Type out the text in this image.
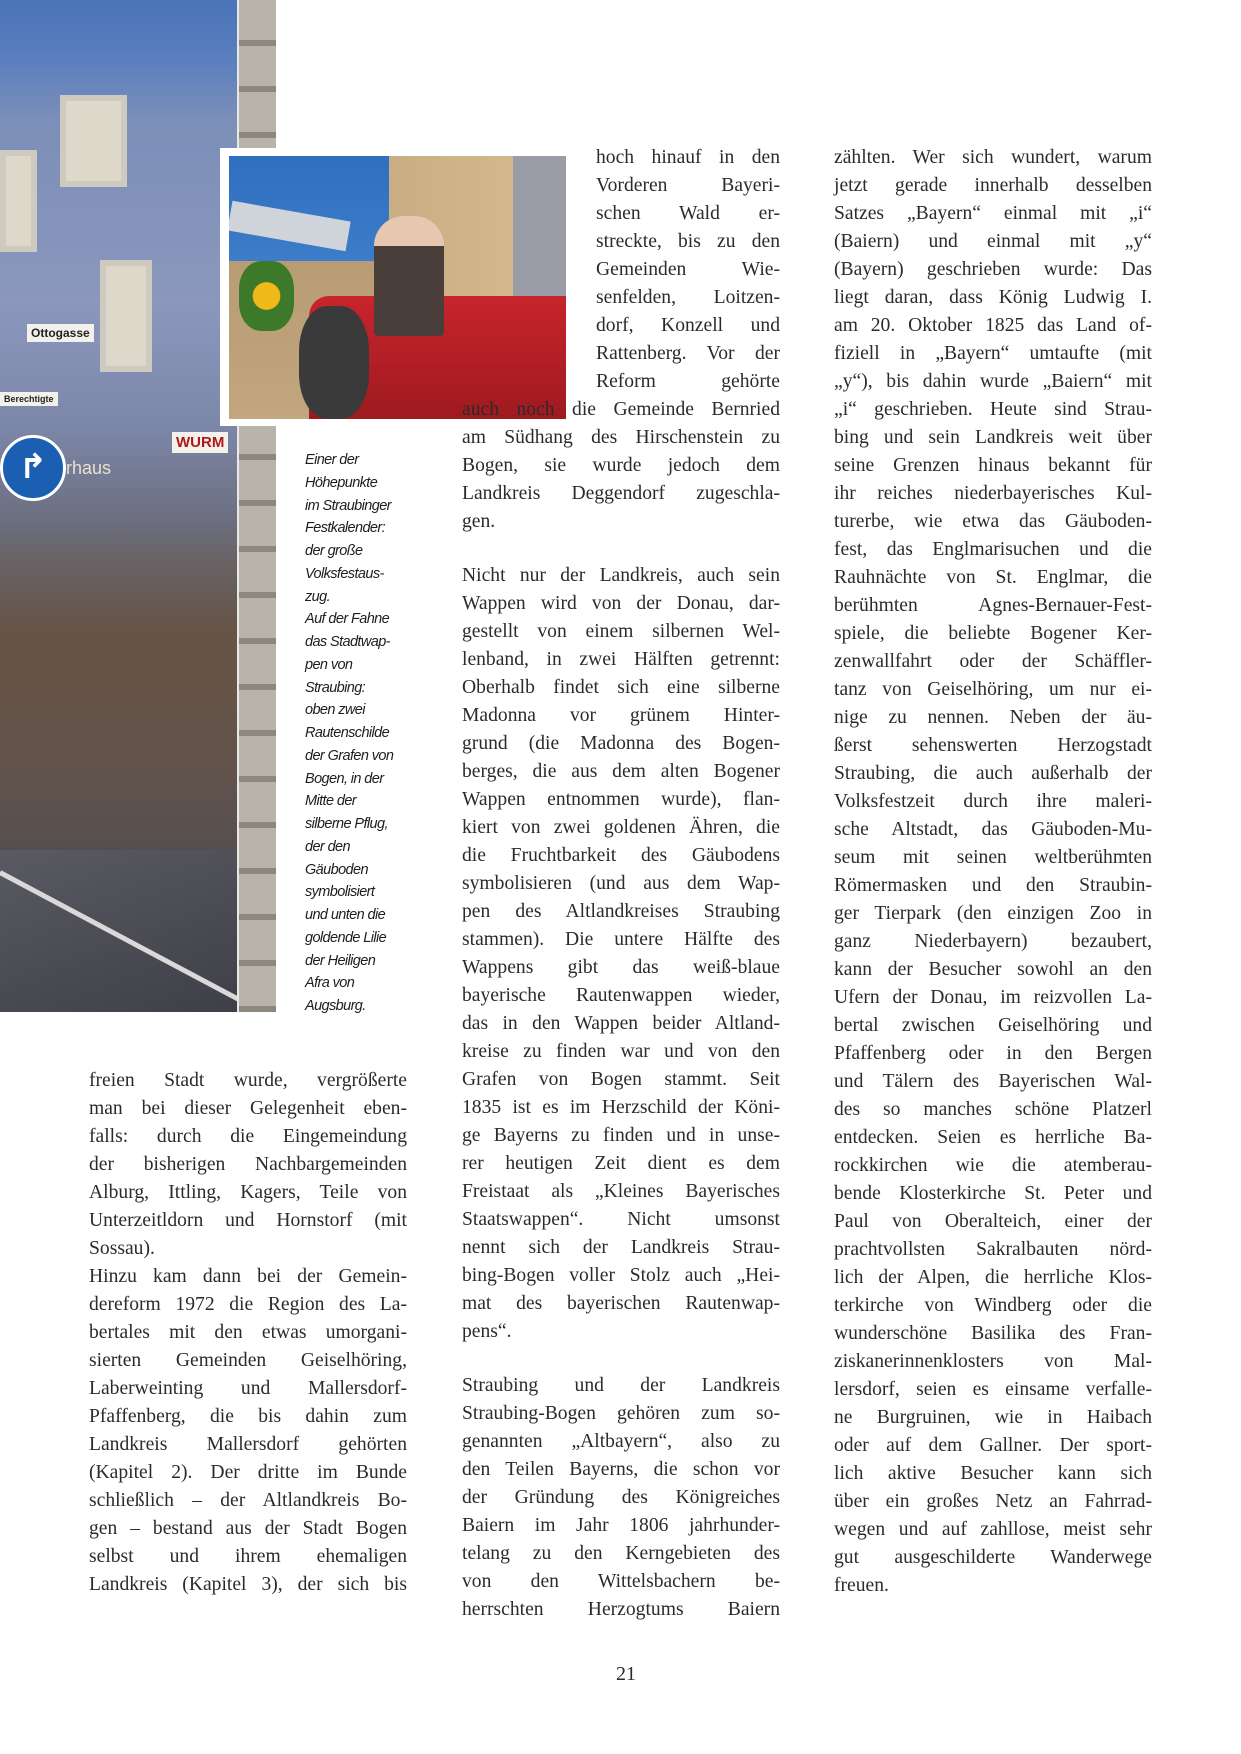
Ottogasse
Berechtigte
rhaus
↱
WURM
Einer der
Höhepunkte
im Straubinger
Festkalender:
der große
Volksfestaus-
zug.
Auf der Fahne
das Stadtwap-
pen von
Straubing:
oben zwei
Rautenschilde
der Grafen von
Bogen, in der
Mitte der
silberne Pflug,
der den
Gäuboden
symbolisiert
und unten die
goldende Lilie
der Heiligen
Afra von
Augsburg.
freien Stadt wurde, vergrößerte
man bei dieser Gelegenheit eben-
falls: durch die Eingemeindung
der bisherigen Nachbargemeinden
Alburg, Ittling, Kagers, Teile von
Unterzeitldorn und Hornstorf (mit
Sossau).
Hinzu kam dann bei der Gemein-
dereform 1972 die Region des La-
bertales mit den etwas umorgani-
sierten Gemeinden Geiselhöring,
Laberweinting und Mallersdorf-
Pfaffenberg, die bis dahin zum
Landkreis Mallersdorf gehörten
(Kapitel 2). Der dritte im Bunde
schließlich – der Altlandkreis Bo-
gen – bestand aus der Stadt Bogen
selbst und ihrem ehemaligen
Landkreis (Kapitel 3), der sich bis
hoch hinauf in den
Vorderen Bayeri-
schen Wald er-
streckte, bis zu den
Gemeinden Wie-
senfelden, Loitzen-
dorf, Konzell und
Rattenberg. Vor der
Reform gehörte
auch noch die Gemeinde Bernried
am Südhang des Hirschenstein zu
Bogen, sie wurde jedoch dem
Landkreis Deggendorf zugeschla-
gen.
Nicht nur der Landkreis, auch sein
Wappen wird von der Donau, dar-
gestellt von einem silbernen Wel-
lenband, in zwei Hälften getrennt:
Oberhalb findet sich eine silberne
Madonna vor grünem Hinter-
grund (die Madonna des Bogen-
berges, die aus dem alten Bogener
Wappen entnommen wurde), flan-
kiert von zwei goldenen Ähren, die
die Fruchtbarkeit des Gäubodens
symbolisieren (und aus dem Wap-
pen des Altlandkreises Straubing
stammen). Die untere Hälfte des
Wappens gibt das weiß-blaue
bayerische Rautenwappen wieder,
das in den Wappen beider Altland-
kreise zu finden war und von den
Grafen von Bogen stammt. Seit
1835 ist es im Herzschild der Köni-
ge Bayerns zu finden und in unse-
rer heutigen Zeit dient es dem
Freistaat als „Kleines Bayerisches
Staatswappen“. Nicht umsonst
nennt sich der Landkreis Strau-
bing-Bogen voller Stolz auch „Hei-
mat des bayerischen Rautenwap-
pens“.
Straubing und der Landkreis
Straubing-Bogen gehören zum so-
genannten „Altbayern“, also zu
den Teilen Bayerns, die schon vor
der Gründung des Königreiches
Baiern im Jahr 1806 jahrhunder-
telang zu den Kerngebieten des
von den Wittelsbachern be-
herrschten Herzogtums Baiern
zählten. Wer sich wundert, warum
jetzt gerade innerhalb desselben
Satzes „Bayern“ einmal mit „i“
(Baiern) und einmal mit „y“
(Bayern) geschrieben wurde: Das
liegt daran, dass König Ludwig I.
am 20. Oktober 1825 das Land of-
fiziell in „Bayern“ umtaufte (mit
„y“), bis dahin wurde „Baiern“ mit
„i“ geschrieben. Heute sind Strau-
bing und sein Landkreis weit über
seine Grenzen hinaus bekannt für
ihr reiches niederbayerisches Kul-
turerbe, wie etwa das Gäuboden-
fest, das Englmarisuchen und die
Rauhnächte von St. Englmar, die
berühmten Agnes-Bernauer-Fest-
spiele, die beliebte Bogener Ker-
zenwallfahrt oder der Schäffler-
tanz von Geiselhöring, um nur ei-
nige zu nennen. Neben der äu-
ßerst sehenswerten Herzogstadt
Straubing, die auch außerhalb der
Volksfestzeit durch ihre maleri-
sche Altstadt, das Gäuboden-Mu-
seum mit seinen weltberühmten
Römermasken und den Straubin-
ger Tierpark (den einzigen Zoo in
ganz Niederbayern) bezaubert,
kann der Besucher sowohl an den
Ufern der Donau, im reizvollen La-
bertal zwischen Geiselhöring und
Pfaffenberg oder in den Bergen
und Tälern des Bayerischen Wal-
des so manches schöne Platzerl
entdecken. Seien es herrliche Ba-
rockkirchen wie die atemberau-
bende Klosterkirche St. Peter und
Paul von Oberalteich, einer der
prachtvollsten Sakralbauten nörd-
lich der Alpen, die herrliche Klos-
terkirche von Windberg oder die
wunderschöne Basilika des Fran-
ziskanerinnenklosters von Mal-
lersdorf, seien es einsame verfalle-
ne Burgruinen, wie in Haibach
oder auf dem Gallner. Der sport-
lich aktive Besucher kann sich
über ein großes Netz an Fahrrad-
wegen und auf zahllose, meist sehr
gut ausgeschilderte Wanderwege
freuen.
21
